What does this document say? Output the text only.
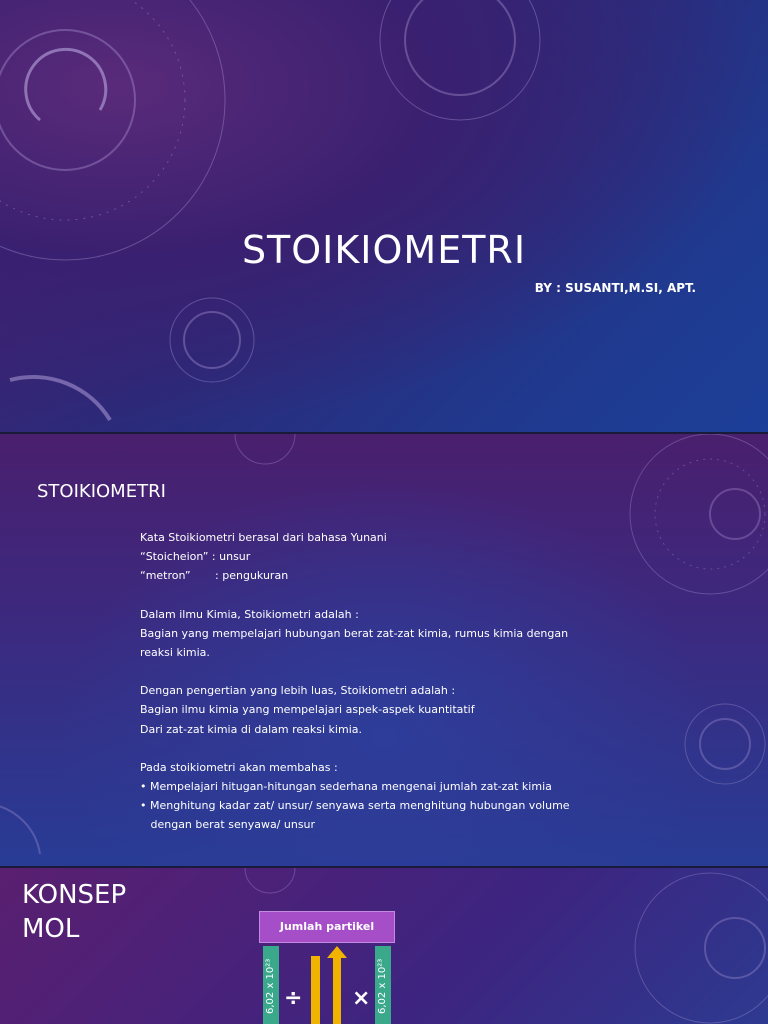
STOIKIOMETRI
BY : SUSANTI,M.SI, APT.
STOIKIOMETRI
Kata Stoikiometri berasal dari bahasa Yunani
“Stoicheion” : unsur
“metron”       : pengukuran
Dalam ilmu Kimia, Stoikiometri adalah :
Bagian yang mempelajari hubungan berat zat-zat kimia, rumus kimia dengan
reaksi kimia.
Dengan pengertian yang lebih luas, Stoikiometri adalah :
Bagian ilmu kimia yang mempelajari aspek-aspek kuantitatif
Dari zat-zat kimia di dalam reaksi kimia.
Pada stoikiometri akan membahas :
• Mempelajari hitugan-hitungan sederhana mengenai jumlah zat-zat kimia
• Menghitung kadar zat/ unsur/ senyawa serta menghitung hubungan volume
dengan berat senyawa/ unsur
KONSEP
MOL	Jumlah partikel
6,02 x 10²³ ÷ × 6,02 x 10²³
